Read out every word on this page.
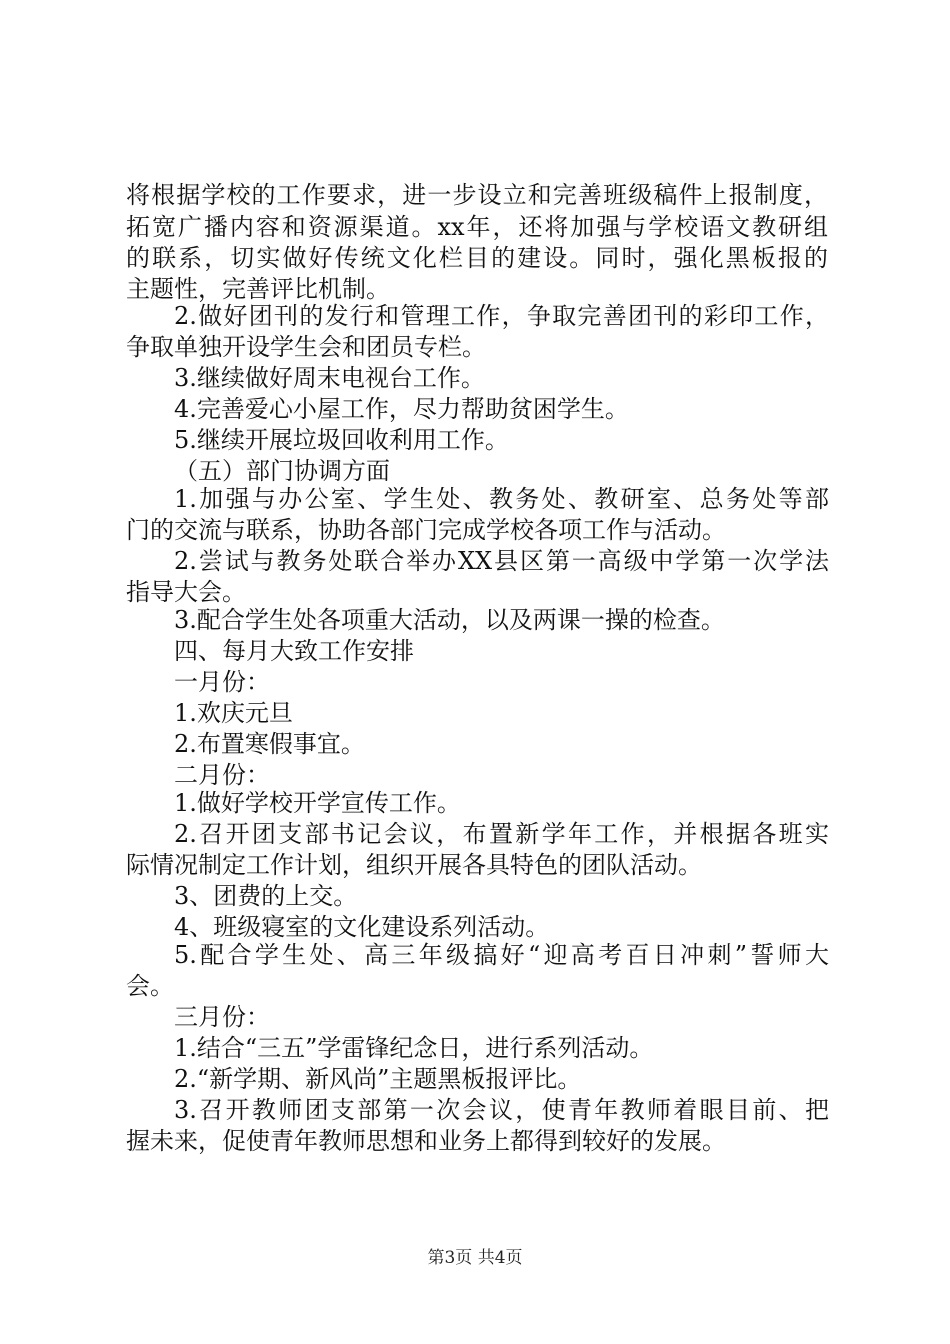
将根据学校的工作要求，进一步设立和完善班级稿件上报制度，
拓宽广播内容和资源渠道。xx年，还将加强与学校语文教研组
的联系，切实做好传统文化栏目的建设。同时，强化黑板报的
主题性，完善评比机制。
2.做好团刊的发行和管理工作，争取完善团刊的彩印工作，
争取单独开设学生会和团员专栏。
3.继续做好周末电视台工作。
4.完善爱心小屋工作，尽力帮助贫困学生。
5.继续开展垃圾回收利用工作。
（五）部门协调方面
1.加强与办公室、学生处、教务处、教研室、总务处等部
门的交流与联系，协助各部门完成学校各项工作与活动。
2.尝试与教务处联合举办XX县区第一高级中学第一次学法
指导大会。
3.配合学生处各项重大活动，以及两课一操的检查。
四、每月大致工作安排
一月份：
1.欢庆元旦
2.布置寒假事宜。
二月份：
1.做好学校开学宣传工作。
2.召开团支部书记会议，布置新学年工作，并根据各班实
际情况制定工作计划，组织开展各具特色的团队活动。
3、团费的上交。
4、班级寝室的文化建设系列活动。
5.配合学生处、高三年级搞好“迎高考百日冲刺”誓师大
会。
三月份：
1.结合“三五”学雷锋纪念日，进行系列活动。
2.“新学期、新风尚”主题黑板报评比。
3.召开教师团支部第一次会议，使青年教师着眼目前、把
握未来，促使青年教师思想和业务上都得到较好的发展。
第3页 共4页
